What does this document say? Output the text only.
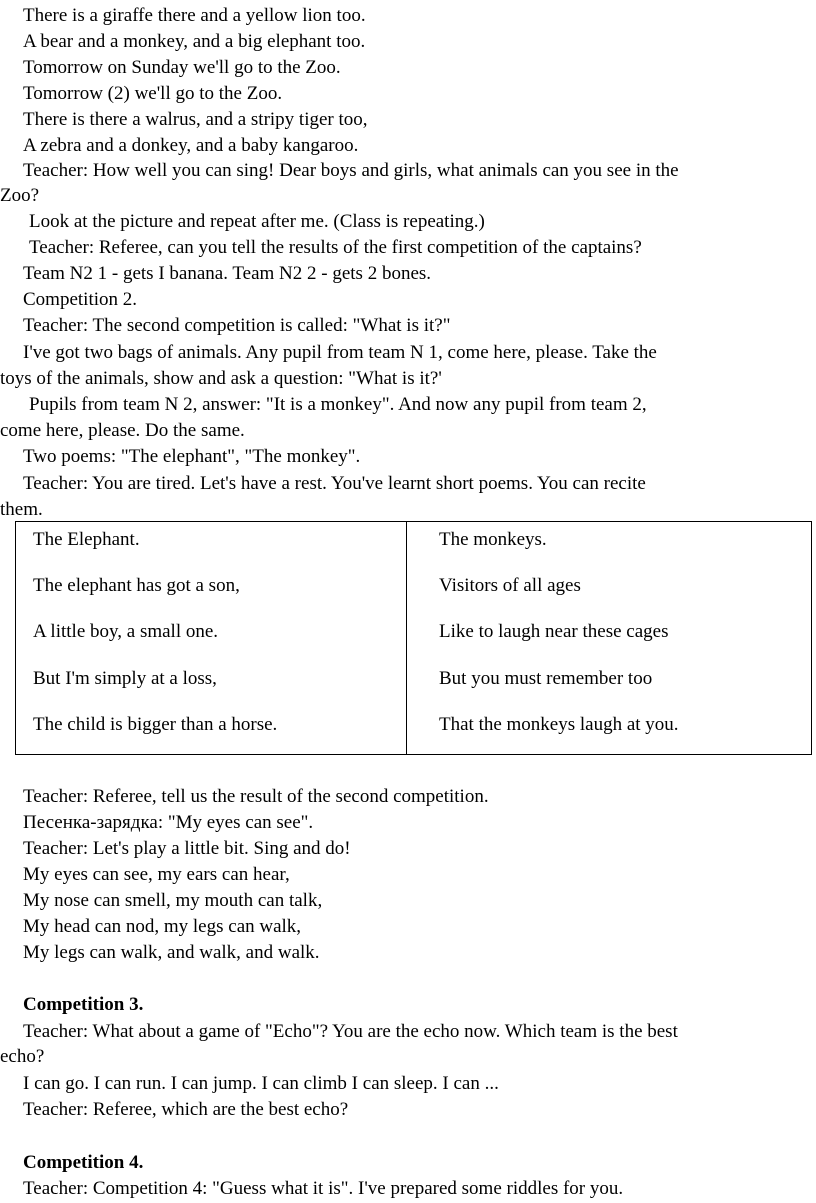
There is a giraffe there and a yellow lion too.
A bear and a monkey, and a big elephant too.
Tomorrow on Sunday we'll go to the Zoo.
Tomorrow (2) we'll go to the Zoo.
There is there a walrus, and a stripy tiger too,
A zebra and a donkey, and a baby kangaroo.
Teacher: How well you can sing! Dear boys and girls, what animals can you see in the
Zoo?
Look at the picture and repeat after me. (Class is repeating.)
Teacher: Referee, can you tell the results of the first competition of the captains?
Team N2 1 - gets I banana. Team N2 2 - gets 2 bones.
Competition 2.
Teacher: The second competition is called: "What is it?"
I've got two bags of animals. Any pupil from team N 1, come here, please. Take the
toys of the animals, show and ask a question: "What is it?'
Pupils from team N 2, answer: "It is a monkey". And now any pupil from team 2,
come here, please. Do the same.
Two poems: "The elephant", "The monkey".
Teacher: You are tired. Let's have a rest. You've learnt short poems. You can recite
them.
The Elephant.
The elephant has got a son,
A little boy, a small one.
But I'm simply at a loss,
The child is bigger than a horse.
The monkeys.
Visitors of all ages
Like to laugh near these cages
But you must remember too
That the monkeys laugh at you.
Teacher: Referee, tell us the result of the second competition.
Песенка-зарядка: "My eyes can see".
Teacher: Let's play a little bit. Sing and do!
My eyes can see, my ears can hear,
My nose can smell, my mouth can talk,
My head can nod, my legs can walk,
My legs can walk, and walk, and walk.
Competition 3.
Teacher: What about a game of "Echo"? You are the echo now. Which team is the best
echo?
I can go. I can run. I can jump. I can climb I can sleep. I can ...
Teacher: Referee, which are the best echo?
Competition 4.
Teacher: Competition 4: "Guess what it is". I've prepared some riddles for you.
